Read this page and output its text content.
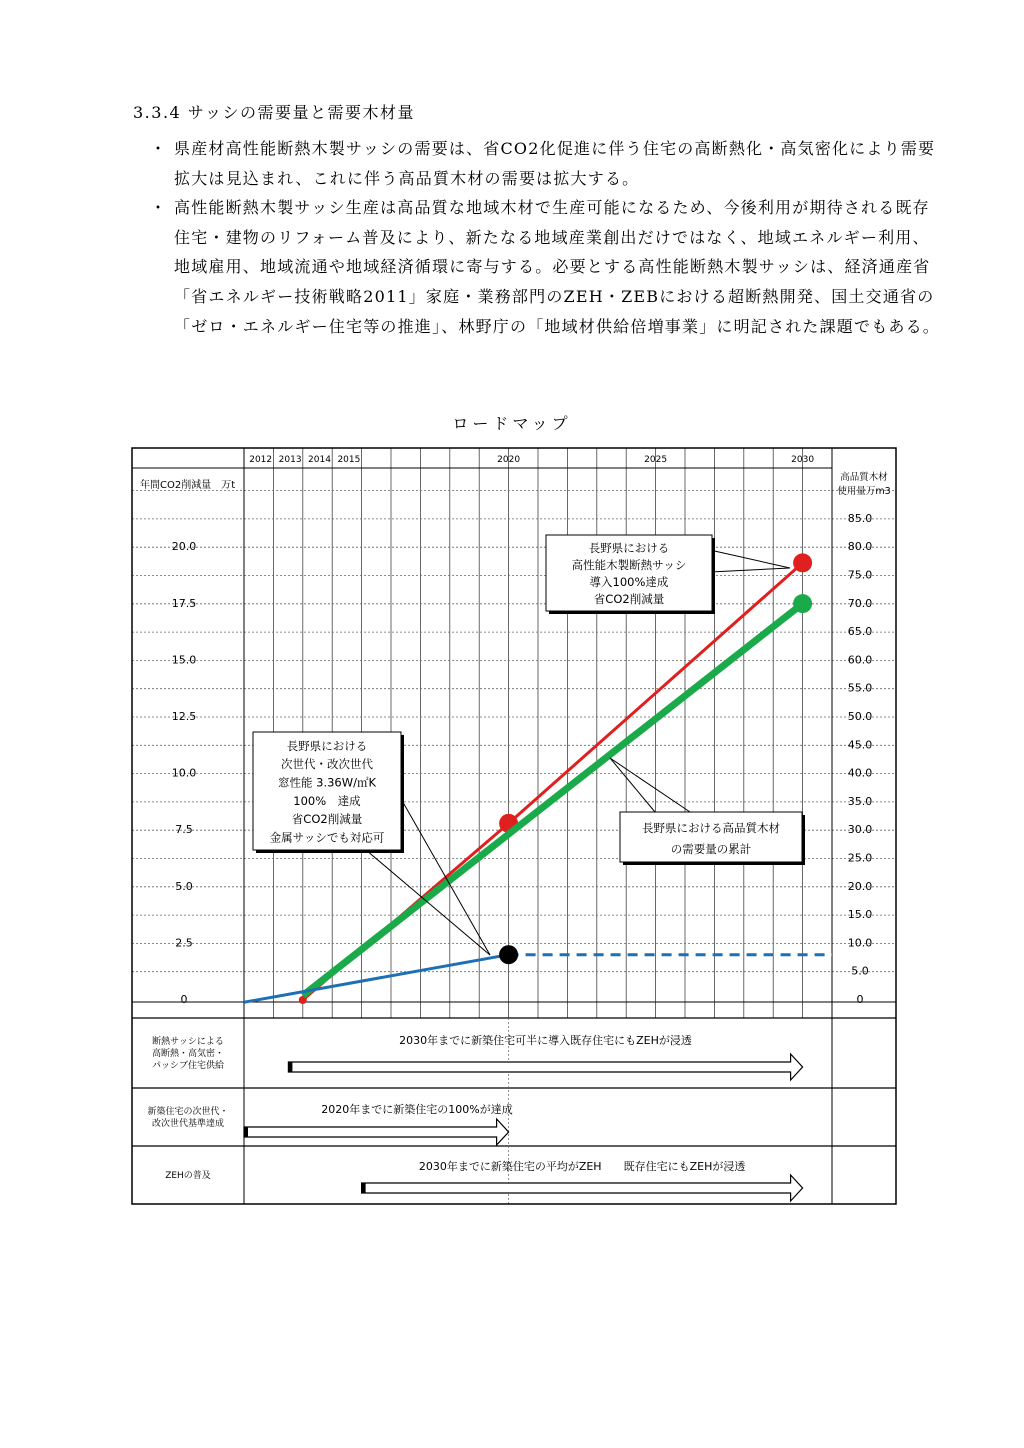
3.3.4 サッシの需要量と需要木材量
・ 県産材高性能断熱木製サッシの需要は、省CO2化促進に伴う住宅の高断熱化・高気密化により需要拡大は見込まれ、これに伴う高品質木材の需要は拡大する。
・ 高性能断熱木製サッシ生産は高品質な地域木材で生産可能になるため、今後利用が期待される既存住宅・建物のリフォーム普及により、新たなる地域産業創出だけではなく、地域エネルギー利用、地域雇用、地域流通や地域経済循環に寄与する。必要とする高性能断熱木製サッシは、経済通産省「省エネルギー技術戦略2011」家庭・業務部門のZEH・ZEBにおける超断熱開発、国土交通省の「ゼロ・エネルギー住宅等の推進」、林野庁の「地域材供給倍増事業」に明記された課題でもある。
ロードマップ
2012 2013 2014 2015	2020	2025	2030
年間CO2削減量　万t
高品質木材
使用量万m3
0
2.5
5.0
7.5
10.0
12.5
15.0
17.5
20.0
0
5.0
10.0
15.0
20.0
25.0
30.0
35.0
40.0
45.0
50.0
55.0
60.0
65.0
70.0
75.0
80.0
85.0
長野県における
高性能木製断熱サッシ
導入100%達成
省CO2削減量
長野県における
次世代・改次世代
窓性能 3.36W/㎡K
100%　達成
省CO2削減量
金属サッシでも対応可
長野県における高品質木材
の需要量の累計
断熱サッシによる
高断熱・高気密・
パッシブ住宅供給
2030年までに新築住宅可半に導入既存住宅にもZEHが浸透
新築住宅の次世代・
改次世代基準達成
2020年までに新築住宅の100%が達成
ZEHの普及
2030年までに新築住宅の平均がZEH　　既存住宅にもZEHが浸透
